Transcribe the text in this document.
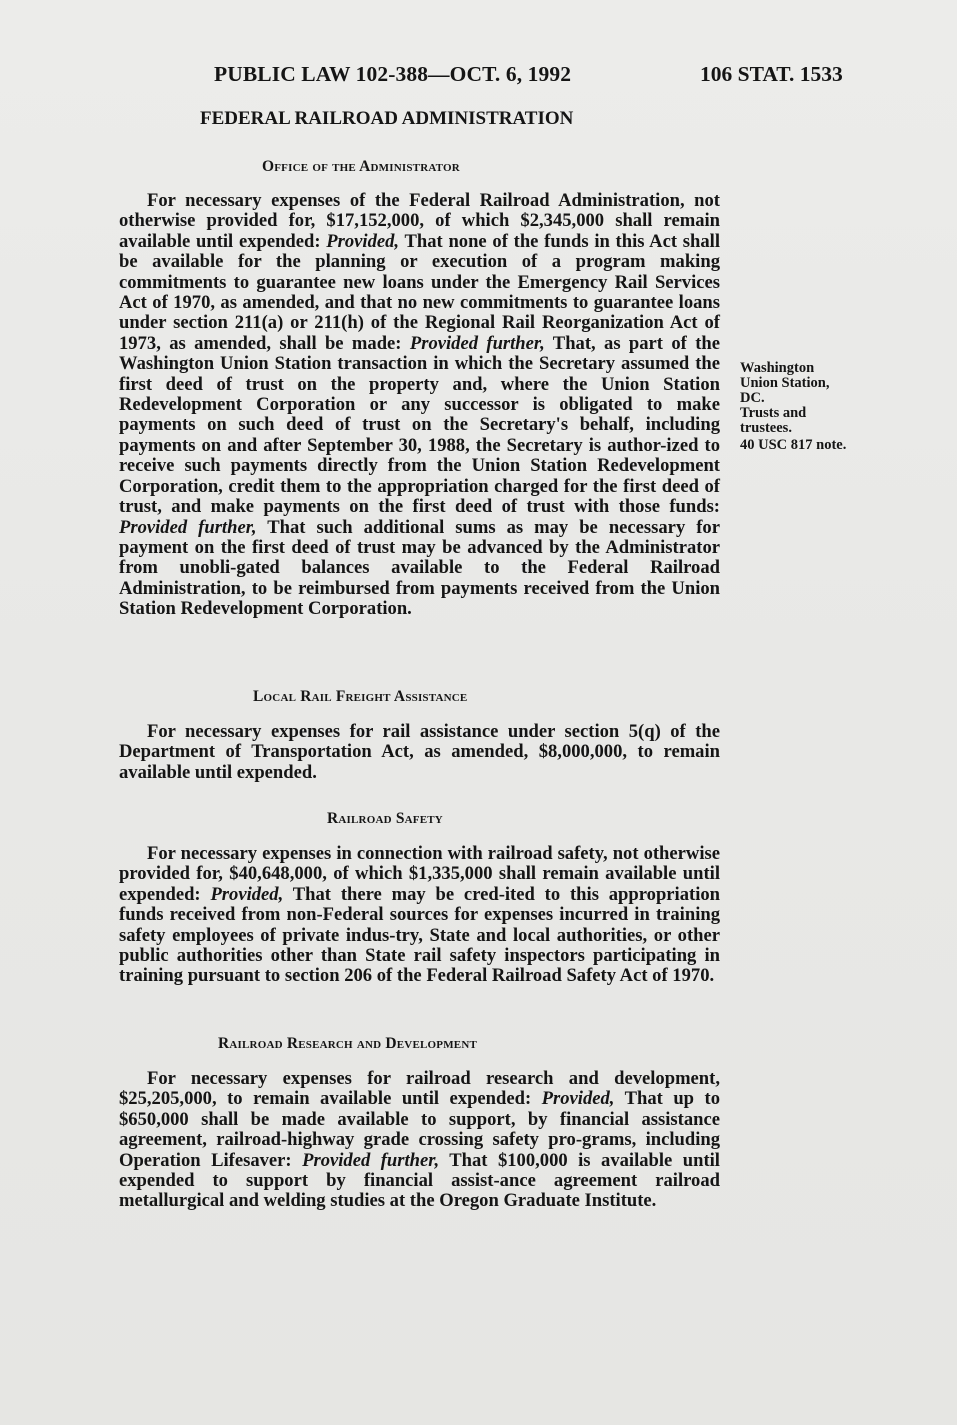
PUBLIC LAW 102-388—OCT. 6, 1992	106 STAT. 1533
FEDERAL RAILROAD ADMINISTRATION
Office of the Administrator
For necessary expenses of the Federal Railroad Administration, not otherwise provided for, $17,152,000, of which $2,345,000 shall remain available until expended: Provided, That none of the funds in this Act shall be available for the planning or execution of a program making commitments to guarantee new loans under the Emergency Rail Services Act of 1970, as amended, and that no new commitments to guarantee loans under section 211(a) or 211(h) of the Regional Rail Reorganization Act of 1973, as amended, shall be made: Provided further, That, as part of the Washington Union Station transaction in which the Secretary assumed the first deed of trust on the property and, where the Union Station Redevelopment Corporation or any successor is obligated to make payments on such deed of trust on the Secretary's behalf, including payments on and after September 30, 1988, the Secretary is author-ized to receive such payments directly from the Union Station Redevelopment Corporation, credit them to the appropriation charged for the first deed of trust, and make payments on the first deed of trust with those funds: Provided further, That such additional sums as may be necessary for payment on the first deed of trust may be advanced by the Administrator from unobli-gated balances available to the Federal Railroad Administration, to be reimbursed from payments received from the Union Station Redevelopment Corporation.
Washington
Union Station,
DC.
Trusts and
trustees.
40 USC 817 note.
Local Rail Freight Assistance
For necessary expenses for rail assistance under section 5(q) of the Department of Transportation Act, as amended, $8,000,000, to remain available until expended.
Railroad Safety
For necessary expenses in connection with railroad safety, not otherwise provided for, $40,648,000, of which $1,335,000 shall remain available until expended: Provided, That there may be cred-ited to this appropriation funds received from non-Federal sources for expenses incurred in training safety employees of private indus-try, State and local authorities, or other public authorities other than State rail safety inspectors participating in training pursuant to section 206 of the Federal Railroad Safety Act of 1970.
Railroad Research and Development
For necessary expenses for railroad research and development, $25,205,000, to remain available until expended: Provided, That up to $650,000 shall be made available to support, by financial assistance agreement, railroad-highway grade crossing safety pro-grams, including Operation Lifesaver: Provided further, That $100,000 is available until expended to support by financial assist-ance agreement railroad metallurgical and welding studies at the Oregon Graduate Institute.
